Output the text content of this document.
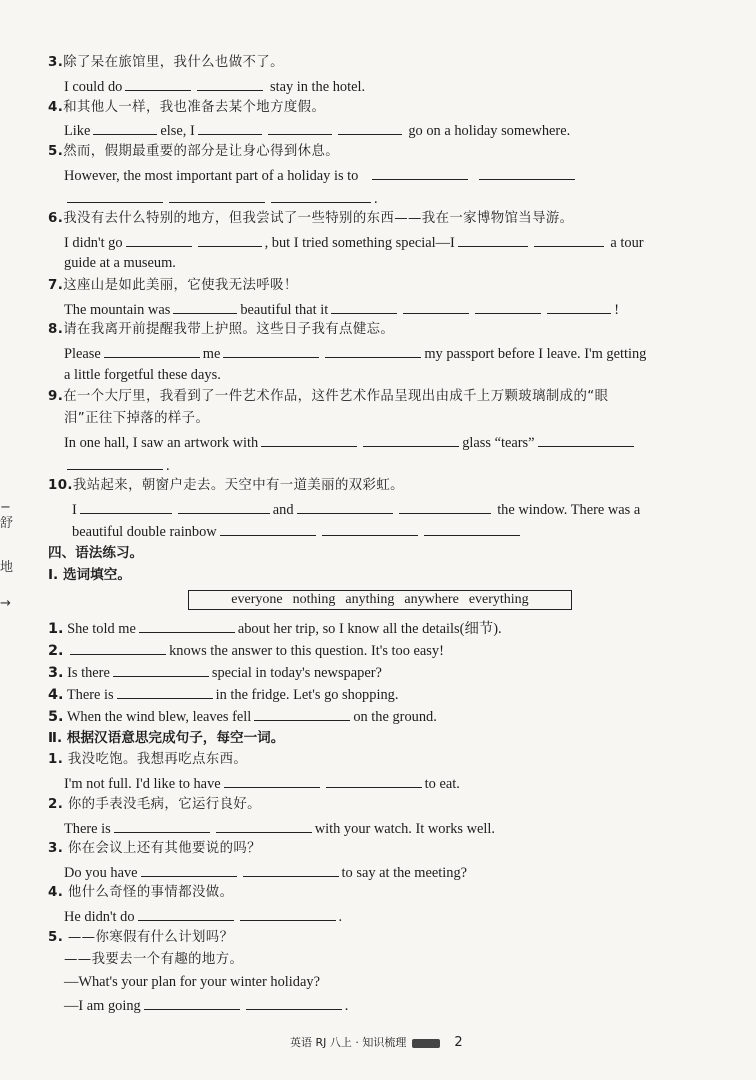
−
舒
地
→
3.除了呆在旅馆里，我什么也做不了。
I could do	stay in the hotel.
4.和其他人一样，我也准备去某个地方度假。
Like	else, I	go on a holiday somewhere.
5.然而，假期最重要的部分是让身心得到休息。
However, the most important part of a holiday is to
.
6.我没有去什么特别的地方，但我尝试了一些特别的东西——我在一家博物馆当导游。
I didn't go	, but I tried something special—I	a tour
guide at a museum.
7.这座山是如此美丽，它使我无法呼吸！
The mountain was	beautiful that it	!
8.请在我离开前提醒我带上护照。这些日子我有点健忘。
Please	me	my passport before I leave. I'm getting
a little forgetful these days.
9.在一个大厅里，我看到了一件艺术作品，这件艺术作品呈现出由成千上万颗玻璃制成的“眼
泪”正往下掉落的样子。
In one hall, I saw an artwork with	glass “tears”
.
10.我站起来，朝窗户走去。天空中有一道美丽的双彩虹。
I	and	the window. There was a
beautiful double rainbow
四、语法练习。
Ⅰ. 选词填空。
everyone nothing anything anywhere everything
1. She told me	about her trip, so I know all the details(细节).
2.	knows the answer to this question. It's too easy!
3. Is there	special in today's newspaper?
4. There is	in the fridge. Let's go shopping.
5. When the wind blew, leaves fell	on the ground.
Ⅱ. 根据汉语意思完成句子，每空一词。
1. 我没吃饱。我想再吃点东西。
I'm not full. I'd like to have	to eat.
2. 你的手表没毛病，它运行良好。
There is	with your watch. It works well.
3. 你在会议上还有其他要说的吗？
Do you have	to say at the meeting?
4. 他什么奇怪的事情都没做。
He didn't do	.
5. ——你寒假有什么计划吗？
——我要去一个有趣的地方。
—What's your plan for your winter holiday?
—I am going	.
英语 RJ 八上 · 知识梳理	2
